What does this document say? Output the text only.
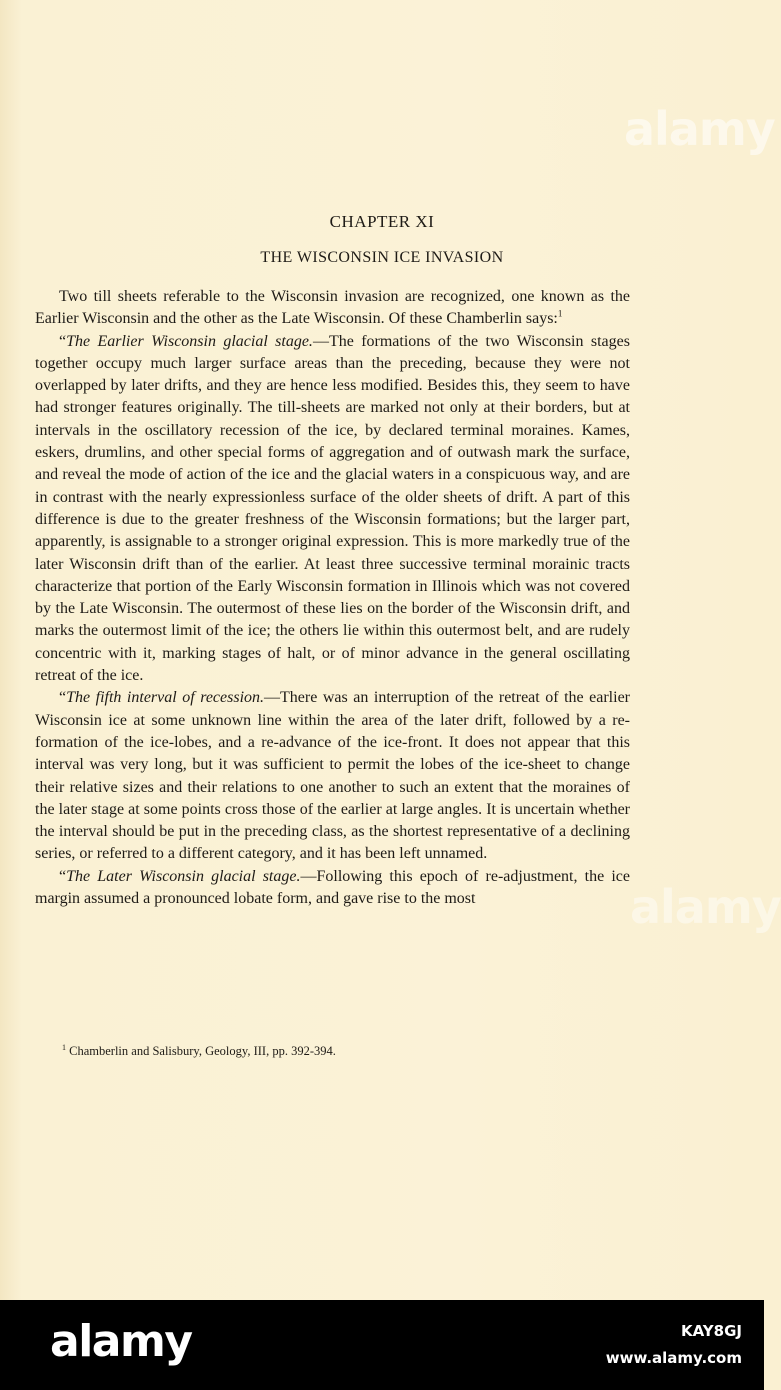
alamy
alamy
CHAPTER XI
THE WISCONSIN ICE INVASION

Two till sheets referable to the Wisconsin invasion are recognized, one known as the Earlier Wisconsin and the other as the Late Wisconsin. Of these Chamberlin says:$^1$

“The Earlier Wisconsin glacial stage.—The formations of the two Wisconsin stages together occupy much larger surface areas than the preceding, because they were not overlapped by later drifts, and they are hence less modified. Besides this, they seem to have had stronger features originally. The till-sheets are marked not only at their borders, but at intervals in the oscillatory recession of the ice, by declared terminal moraines. Kames, eskers, drumlins, and other special forms of aggregation and of outwash mark the surface, and reveal the mode of action of the ice and the glacial waters in a conspicuous way, and are in contrast with the nearly expressionless surface of the older sheets of drift. A part of this difference is due to the greater freshness of the Wisconsin formations; but the larger part, apparently, is assignable to a stronger original expression. This is more markedly true of the later Wisconsin drift than of the earlier. At least three successive terminal morainic tracts characterize that portion of the Early Wisconsin formation in Illinois which was not covered by the Late Wisconsin. The outermost of these lies on the border of the Wisconsin drift, and marks the outermost limit of the ice; the others lie within this outermost belt, and are rudely concentric with it, marking stages of halt, or of minor advance in the general oscillating retreat of the ice.

“The fifth interval of recession.—There was an interruption of the retreat of the earlier Wisconsin ice at some unknown line within the area of the later drift, followed by a re-formation of the ice-lobes, and a re-advance of the ice-front. It does not appear that this interval was very long, but it was sufficient to permit the lobes of the ice-sheet to change their relative sizes and their relations to one another to such an extent that the moraines of the later stage at some points cross those of the earlier at large angles. It is uncertain whether the interval should be put in the preceding class, as the shortest representative of a declining series, or referred to a different category, and it has been left unnamed.

“The Later Wisconsin glacial stage.—Following this epoch of re-adjustment, the ice margin assumed a pronounced lobate form, and gave rise to the most

$^1$ Chamberlin and Salisbury, Geology, III, pp. 392-394.
alamy	KAY8GJ
www.alamy.com
